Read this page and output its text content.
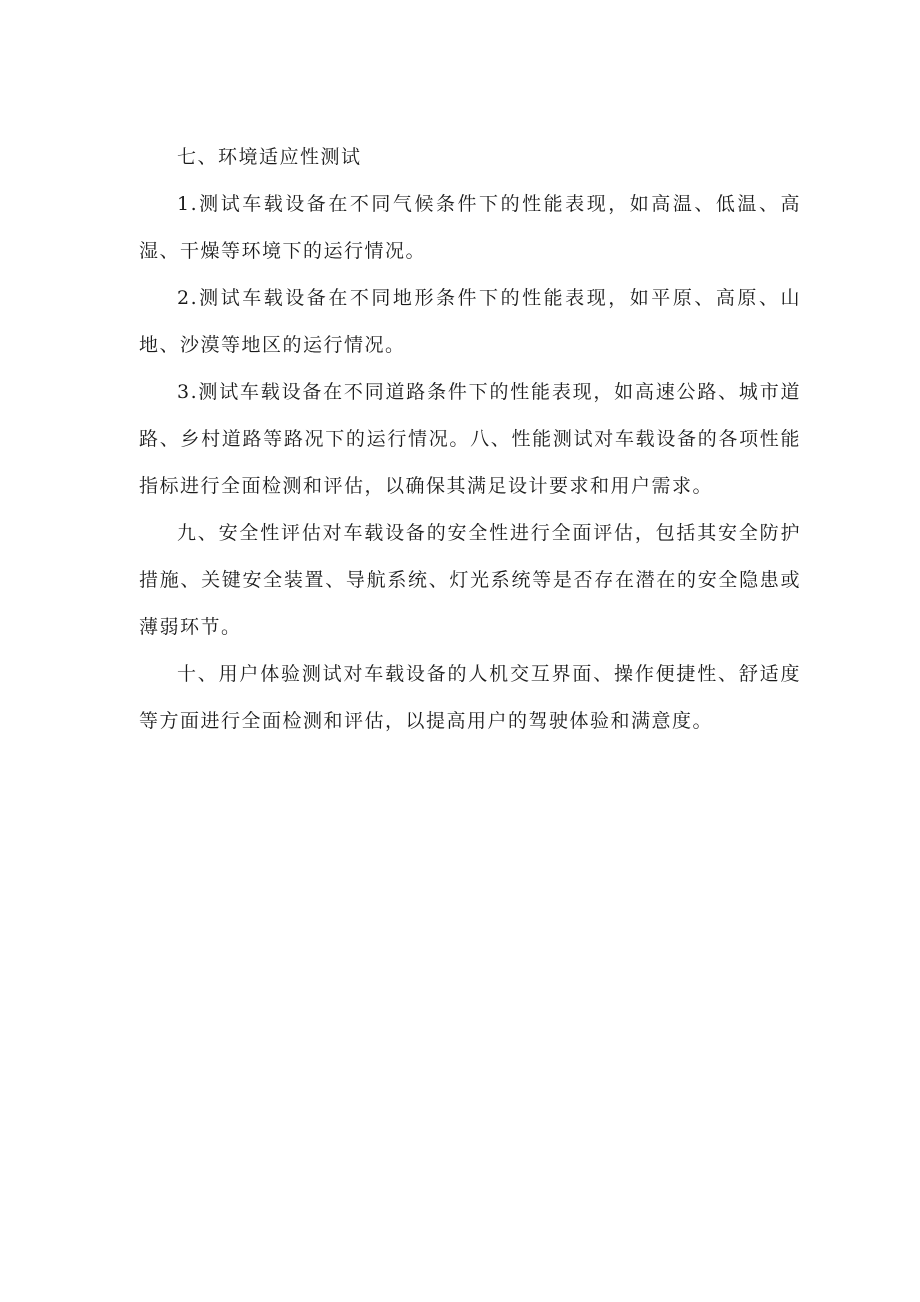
七、环境适应性测试

1.测试车载设备在不同气候条件下的性能表现，如高温、低温、高湿、干燥等环境下的运行情况。

2.测试车载设备在不同地形条件下的性能表现，如平原、高原、山地、沙漠等地区的运行情况。

3.测试车载设备在不同道路条件下的性能表现，如高速公路、城市道路、乡村道路等路况下的运行情况。八、性能测试对车载设备的各项性能指标进行全面检测和评估，以确保其满足设计要求和用户需求。

九、安全性评估对车载设备的安全性进行全面评估，包括其安全防护措施、关键安全装置、导航系统、灯光系统等是否存在潜在的安全隐患或薄弱环节。

十、用户体验测试对车载设备的人机交互界面、操作便捷性、舒适度等方面进行全面检测和评估，以提高用户的驾驶体验和满意度。
